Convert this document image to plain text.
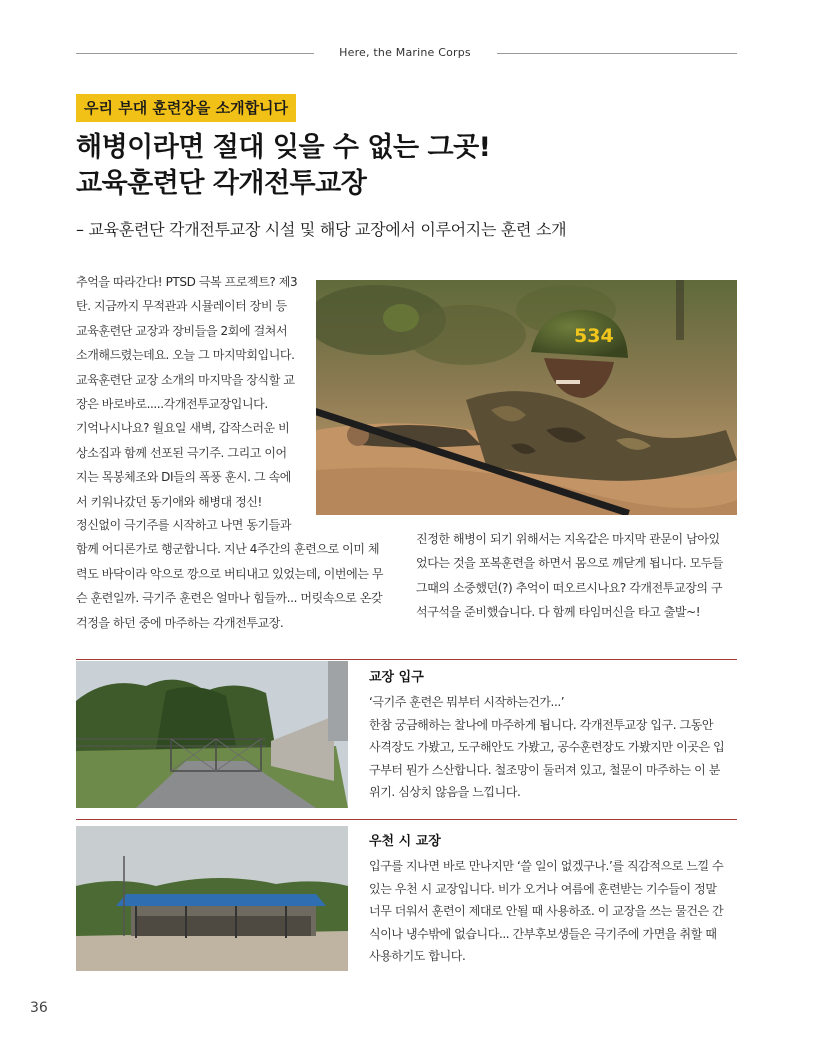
Here, the Marine Corps
우리 부대 훈련장을 소개합니다
해병이라면 절대 잊을 수 없는 그곳!
교육훈련단 각개전투교장
– 교육훈련단 각개전투교장 시설 및 해당 교장에서 이루어지는 훈련 소개
추억을 따라간다! PTSD 극복 프로젝트? 제3
탄. 지금까지 무적관과 시뮬레이터 장비 등
교육훈련단 교장과 장비들을 2회에 걸쳐서
소개해드렸는데요. 오늘 그 마지막회입니다.
교육훈련단 교장 소개의 마지막을 장식할 교
장은 바로바로.....각개전투교장입니다.
기억나시나요? 월요일 새벽, 갑작스러운 비
상소집과 함께 선포된 극기주. 그리고 이어
지는 목봉체조와 DI들의 폭풍 훈시. 그 속에
서 키워나갔던 동기애와 해병대 정신!
정신없이 극기주를 시작하고 나면 동기들과
함께 어디론가로 행군합니다. 지난 4주간의 훈련으로 이미 체
력도 바닥이라 악으로 깡으로 버티내고 있었는데, 이번에는 무
슨 훈련일까. 극기주 훈련은 얼마나 힘들까... 머릿속으로 온갖
걱정을 하던 중에 마주하는 각개전투교장.
진정한 해병이 되기 위해서는 지옥같은 마지막 관문이 남아있
었다는 것을 포복훈련을 하면서 몸으로 깨닫게 됩니다. 모두들
그때의 소중했던(?) 추억이 떠오르시나요? 각개전투교장의 구
석구석을 준비했습니다. 다 함께 타임머신을 타고 출발~!
534

교장 입구

‘극기주 훈련은 뭐부터 시작하는건가...’
한참 궁금해하는 찰나에 마주하게 됩니다. 각개전투교장 입구. 그동안
사격장도 가봤고, 도구해안도 가봤고, 공수훈련장도 가봤지만 이곳은 입
구부터 뭔가 스산합니다. 철조망이 둘러져 있고, 철문이 마주하는 이 분
위기. 심상치 않음을 느낍니다.

우천 시 교장

입구를 지나면 바로 만나지만 ‘쓸 일이 없겠구나.’를 직감적으로 느낄 수
있는 우천 시 교장입니다. 비가 오거나 여름에 훈련받는 기수들이 정말
너무 더워서 훈련이 제대로 안될 때 사용하죠. 이 교장을 쓰는 물건은 간
식이나 냉수밖에 없습니다... 간부후보생들은 극기주에 가면을 취할 때
사용하기도 합니다.

36
